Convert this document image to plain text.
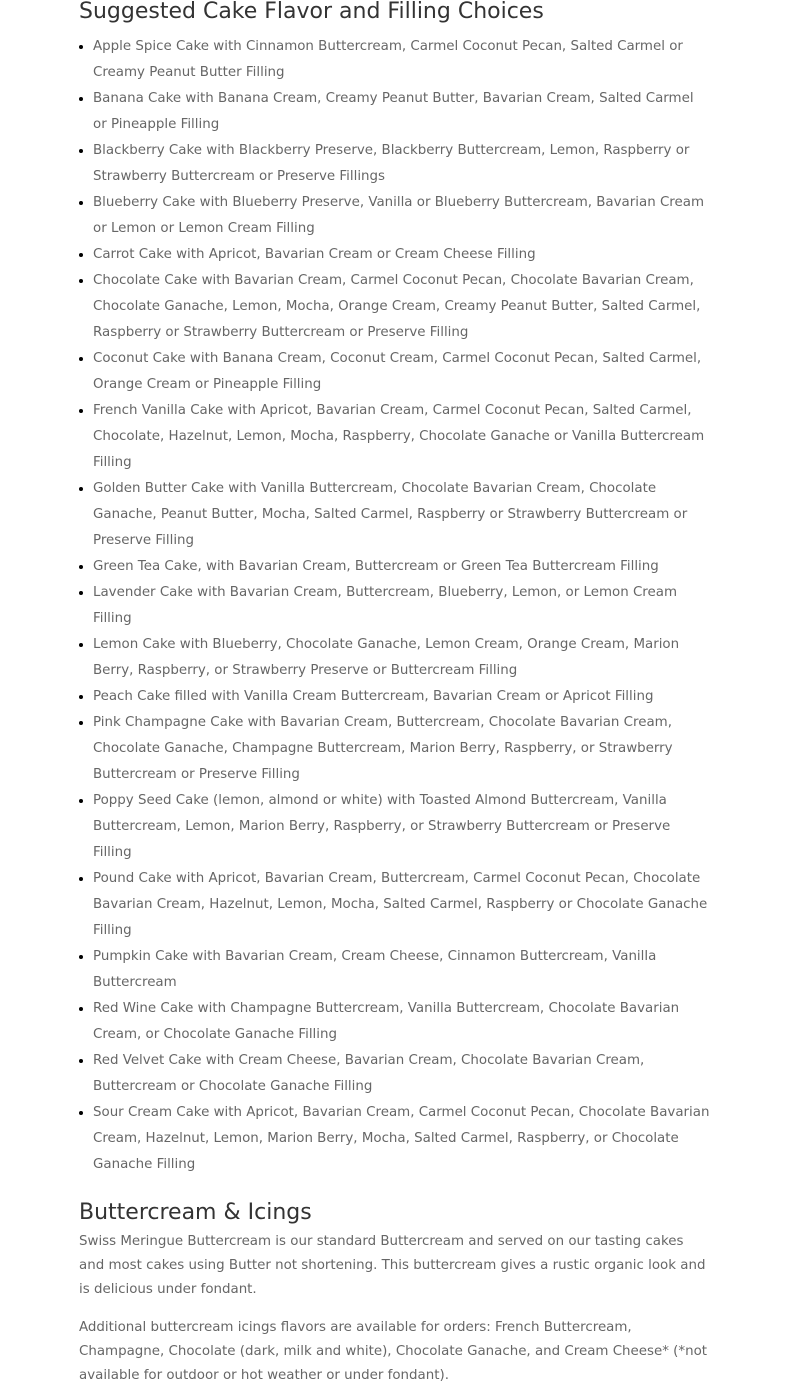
Suggested Cake Flavor and Filling Choices
• Apple Spice Cake with Cinnamon Buttercream, Carmel Coconut Pecan, Salted Carmel or Creamy Peanut Butter Filling
• Banana Cake with Banana Cream, Creamy Peanut Butter, Bavarian Cream, Salted Carmel or Pineapple Filling
• Blackberry Cake with Blackberry Preserve, Blackberry Buttercream, Lemon, Raspberry or Strawberry Buttercream or Preserve Fillings
• Blueberry Cake with Blueberry Preserve, Vanilla or Blueberry Buttercream, Bavarian Cream or Lemon or Lemon Cream Filling
• Carrot Cake with Apricot, Bavarian Cream or Cream Cheese Filling
• Chocolate Cake with Bavarian Cream, Carmel Coconut Pecan, Chocolate Bavarian Cream, Chocolate Ganache, Lemon, Mocha, Orange Cream, Creamy Peanut Butter, Salted Carmel, Raspberry or Strawberry Buttercream or Preserve Filling
• Coconut Cake with Banana Cream, Coconut Cream, Carmel Coconut Pecan, Salted Carmel, Orange Cream or Pineapple Filling
• French Vanilla Cake with Apricot, Bavarian Cream, Carmel Coconut Pecan, Salted Carmel, Chocolate, Hazelnut, Lemon, Mocha, Raspberry, Chocolate Ganache or Vanilla Buttercream Filling
• Golden Butter Cake with Vanilla Buttercream, Chocolate Bavarian Cream, Chocolate Ganache, Peanut Butter, Mocha, Salted Carmel, Raspberry or Strawberry Buttercream or Preserve Filling
• Green Tea Cake, with Bavarian Cream, Buttercream or Green Tea Buttercream Filling
• Lavender Cake with Bavarian Cream, Buttercream, Blueberry, Lemon, or Lemon Cream Filling
• Lemon Cake with Blueberry, Chocolate Ganache, Lemon Cream, Orange Cream, Marion Berry, Raspberry, or Strawberry Preserve or Buttercream Filling
• Peach Cake filled with Vanilla Cream Buttercream, Bavarian Cream or Apricot Filling
• Pink Champagne Cake with Bavarian Cream, Buttercream, Chocolate Bavarian Cream, Chocolate Ganache, Champagne Buttercream, Marion Berry, Raspberry, or Strawberry Buttercream or Preserve Filling
• Poppy Seed Cake (lemon, almond or white) with Toasted Almond Buttercream, Vanilla Buttercream, Lemon, Marion Berry, Raspberry, or Strawberry Buttercream or Preserve Filling
• Pound Cake with Apricot, Bavarian Cream, Buttercream, Carmel Coconut Pecan, Chocolate Bavarian Cream, Hazelnut, Lemon, Mocha, Salted Carmel, Raspberry or Chocolate Ganache Filling
• Pumpkin Cake with Bavarian Cream, Cream Cheese, Cinnamon Buttercream, Vanilla Buttercream
• Red Wine Cake with Champagne Buttercream, Vanilla Buttercream, Chocolate Bavarian Cream, or Chocolate Ganache Filling
• Red Velvet Cake with Cream Cheese, Bavarian Cream, Chocolate Bavarian Cream, Buttercream or Chocolate Ganache Filling
• Sour Cream Cake with Apricot, Bavarian Cream, Carmel Coconut Pecan, Chocolate Bavarian Cream, Hazelnut, Lemon, Marion Berry, Mocha, Salted Carmel, Raspberry, or Chocolate Ganache Filling
Buttercream & Icings

Swiss Meringue Buttercream is our standard Buttercream and served on our tasting cakes and most cakes using Butter not shortening. This buttercream gives a rustic organic look and is delicious under fondant.

Additional buttercream icings flavors are available for orders: French Buttercream, Champagne, Chocolate (dark, milk and white), Chocolate Ganache, and Cream Cheese* (*not available for outdoor or hot weather or under fondant).
